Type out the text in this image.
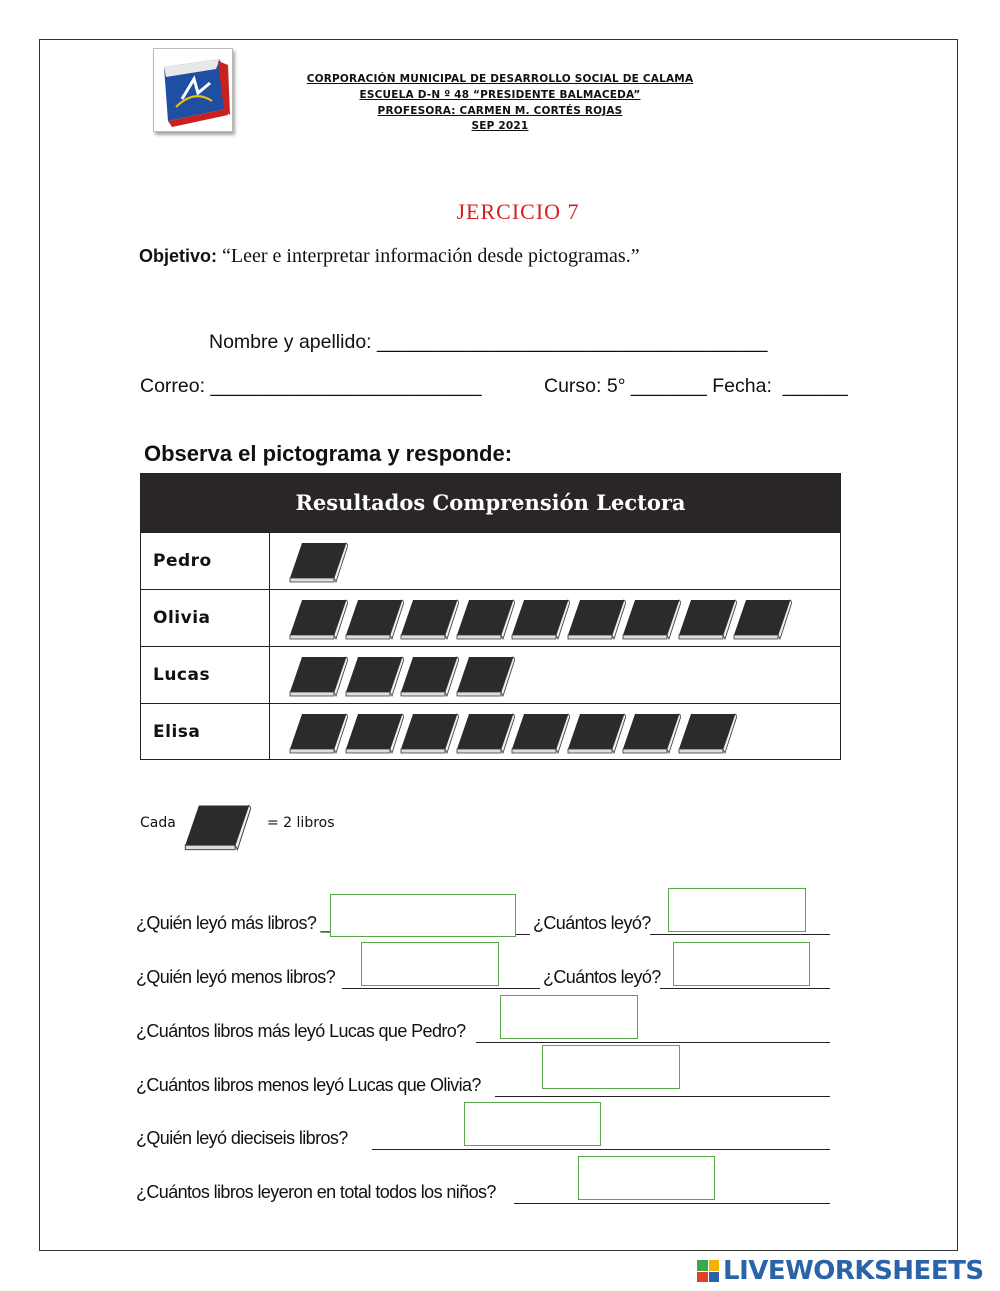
CORPORACIÓN MUNICIPAL DE DESARROLLO SOCIAL DE CALAMA
ESCUELA D-N º 48 “PRESIDENTE BALMACEDA”
PROFESORA: CARMEN M. CORTÉS ROJAS
SEP 2021
JERCICIO 7
Objetivo: “Leer e interpretar información desde pictogramas.”
Nombre y apellido: ____________________________________
Correo: _________________________	Curso: 5° _______ Fecha:  ______
Observa el pictograma y responde:
Resultados Comprensión Lectora
Pedro
Olivia
Lucas
Elisa
Cada	= 2 libros
¿Quién leyó más libros? _	¿Cuántos leyó?
¿Quién leyó menos libros?	¿Cuántos leyó?
¿Cuántos libros más leyó Lucas que Pedro?
¿Cuántos libros menos leyó Lucas que Olivia?
¿Quién leyó dieciseis libros?
¿Cuántos libros leyeron en total todos los niños?
LIVEWORKSHEETS
